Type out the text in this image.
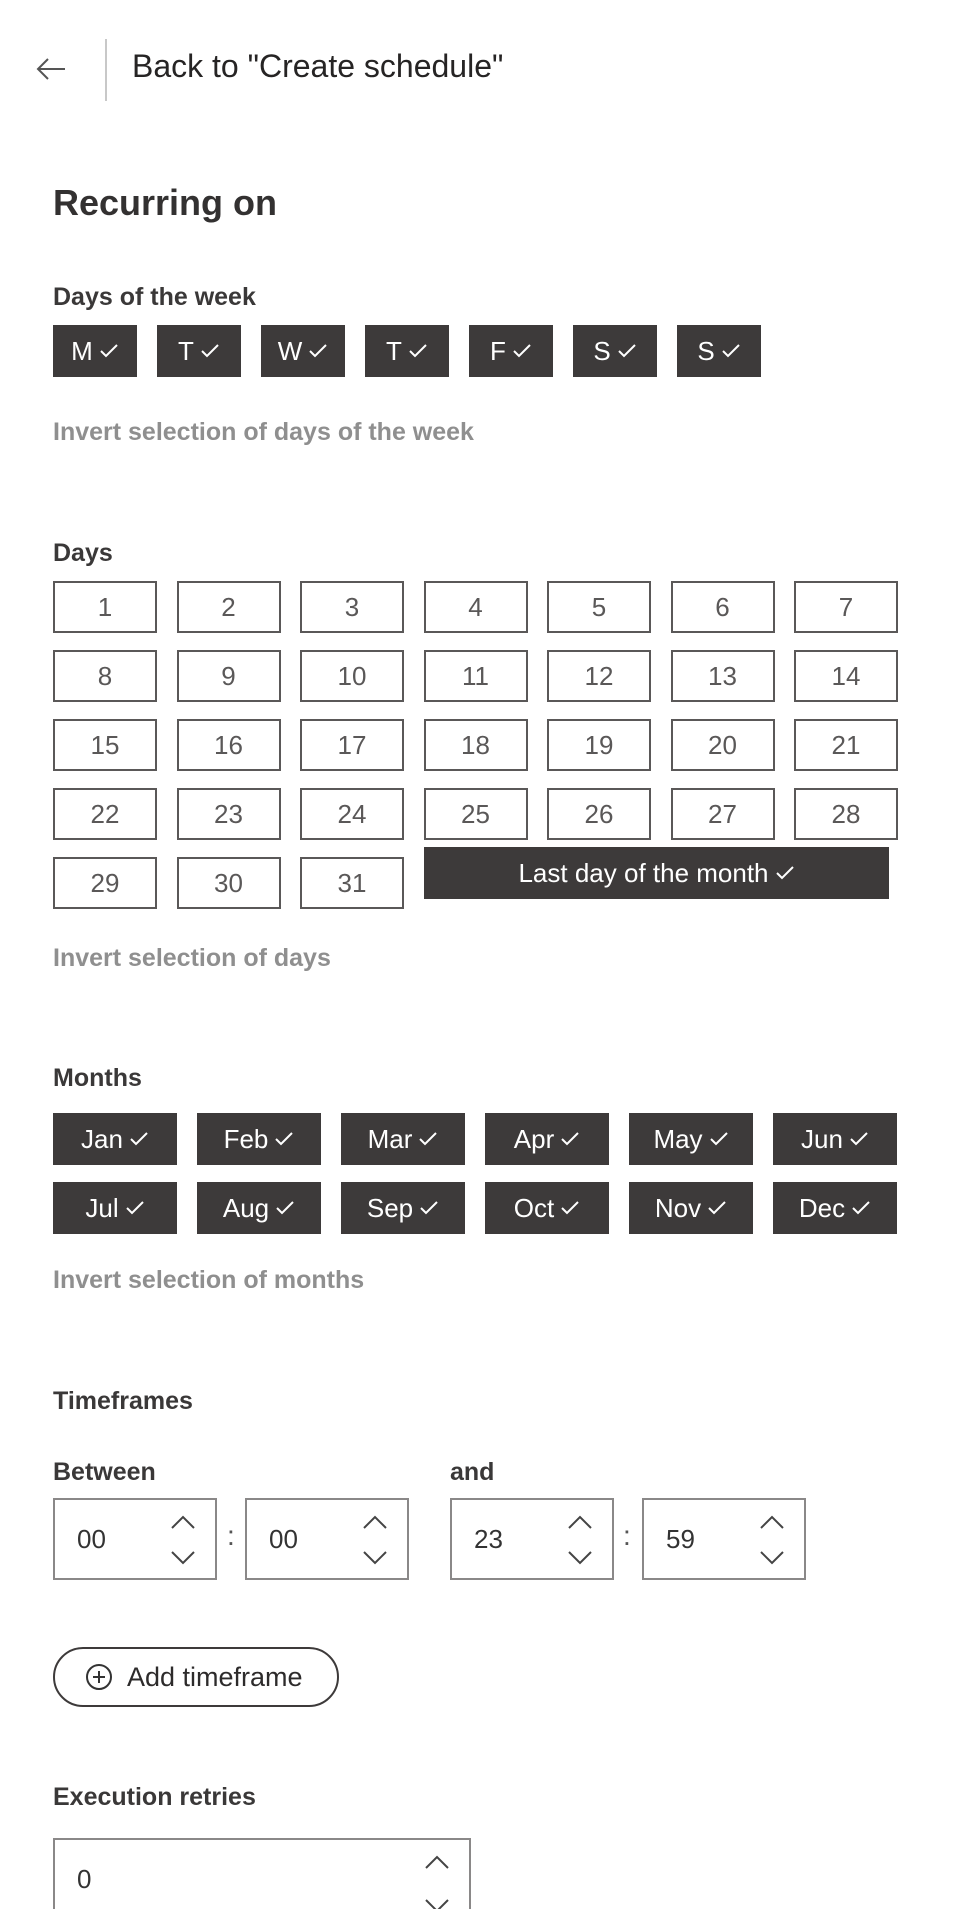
Back to "Create schedule"
Recurring on
Days of the week
M	T	W	T	F	S	S
Invert selection of days of the week
Days
1	2	3	4	5	6	7
8	9	10	11	12	13	14
15	16	17	18	19	20	21
22	23	24	25	26	27	28
29	30	31	Last day of the month
Invert selection of days
Months
Jan	Feb	Mar	Apr	May	Jun
Jul	Aug	Sep	Oct	Nov	Dec
Invert selection of months
Timeframes
Between	and
00	: 00	23	: 59
Add timeframe
Execution retries
0
